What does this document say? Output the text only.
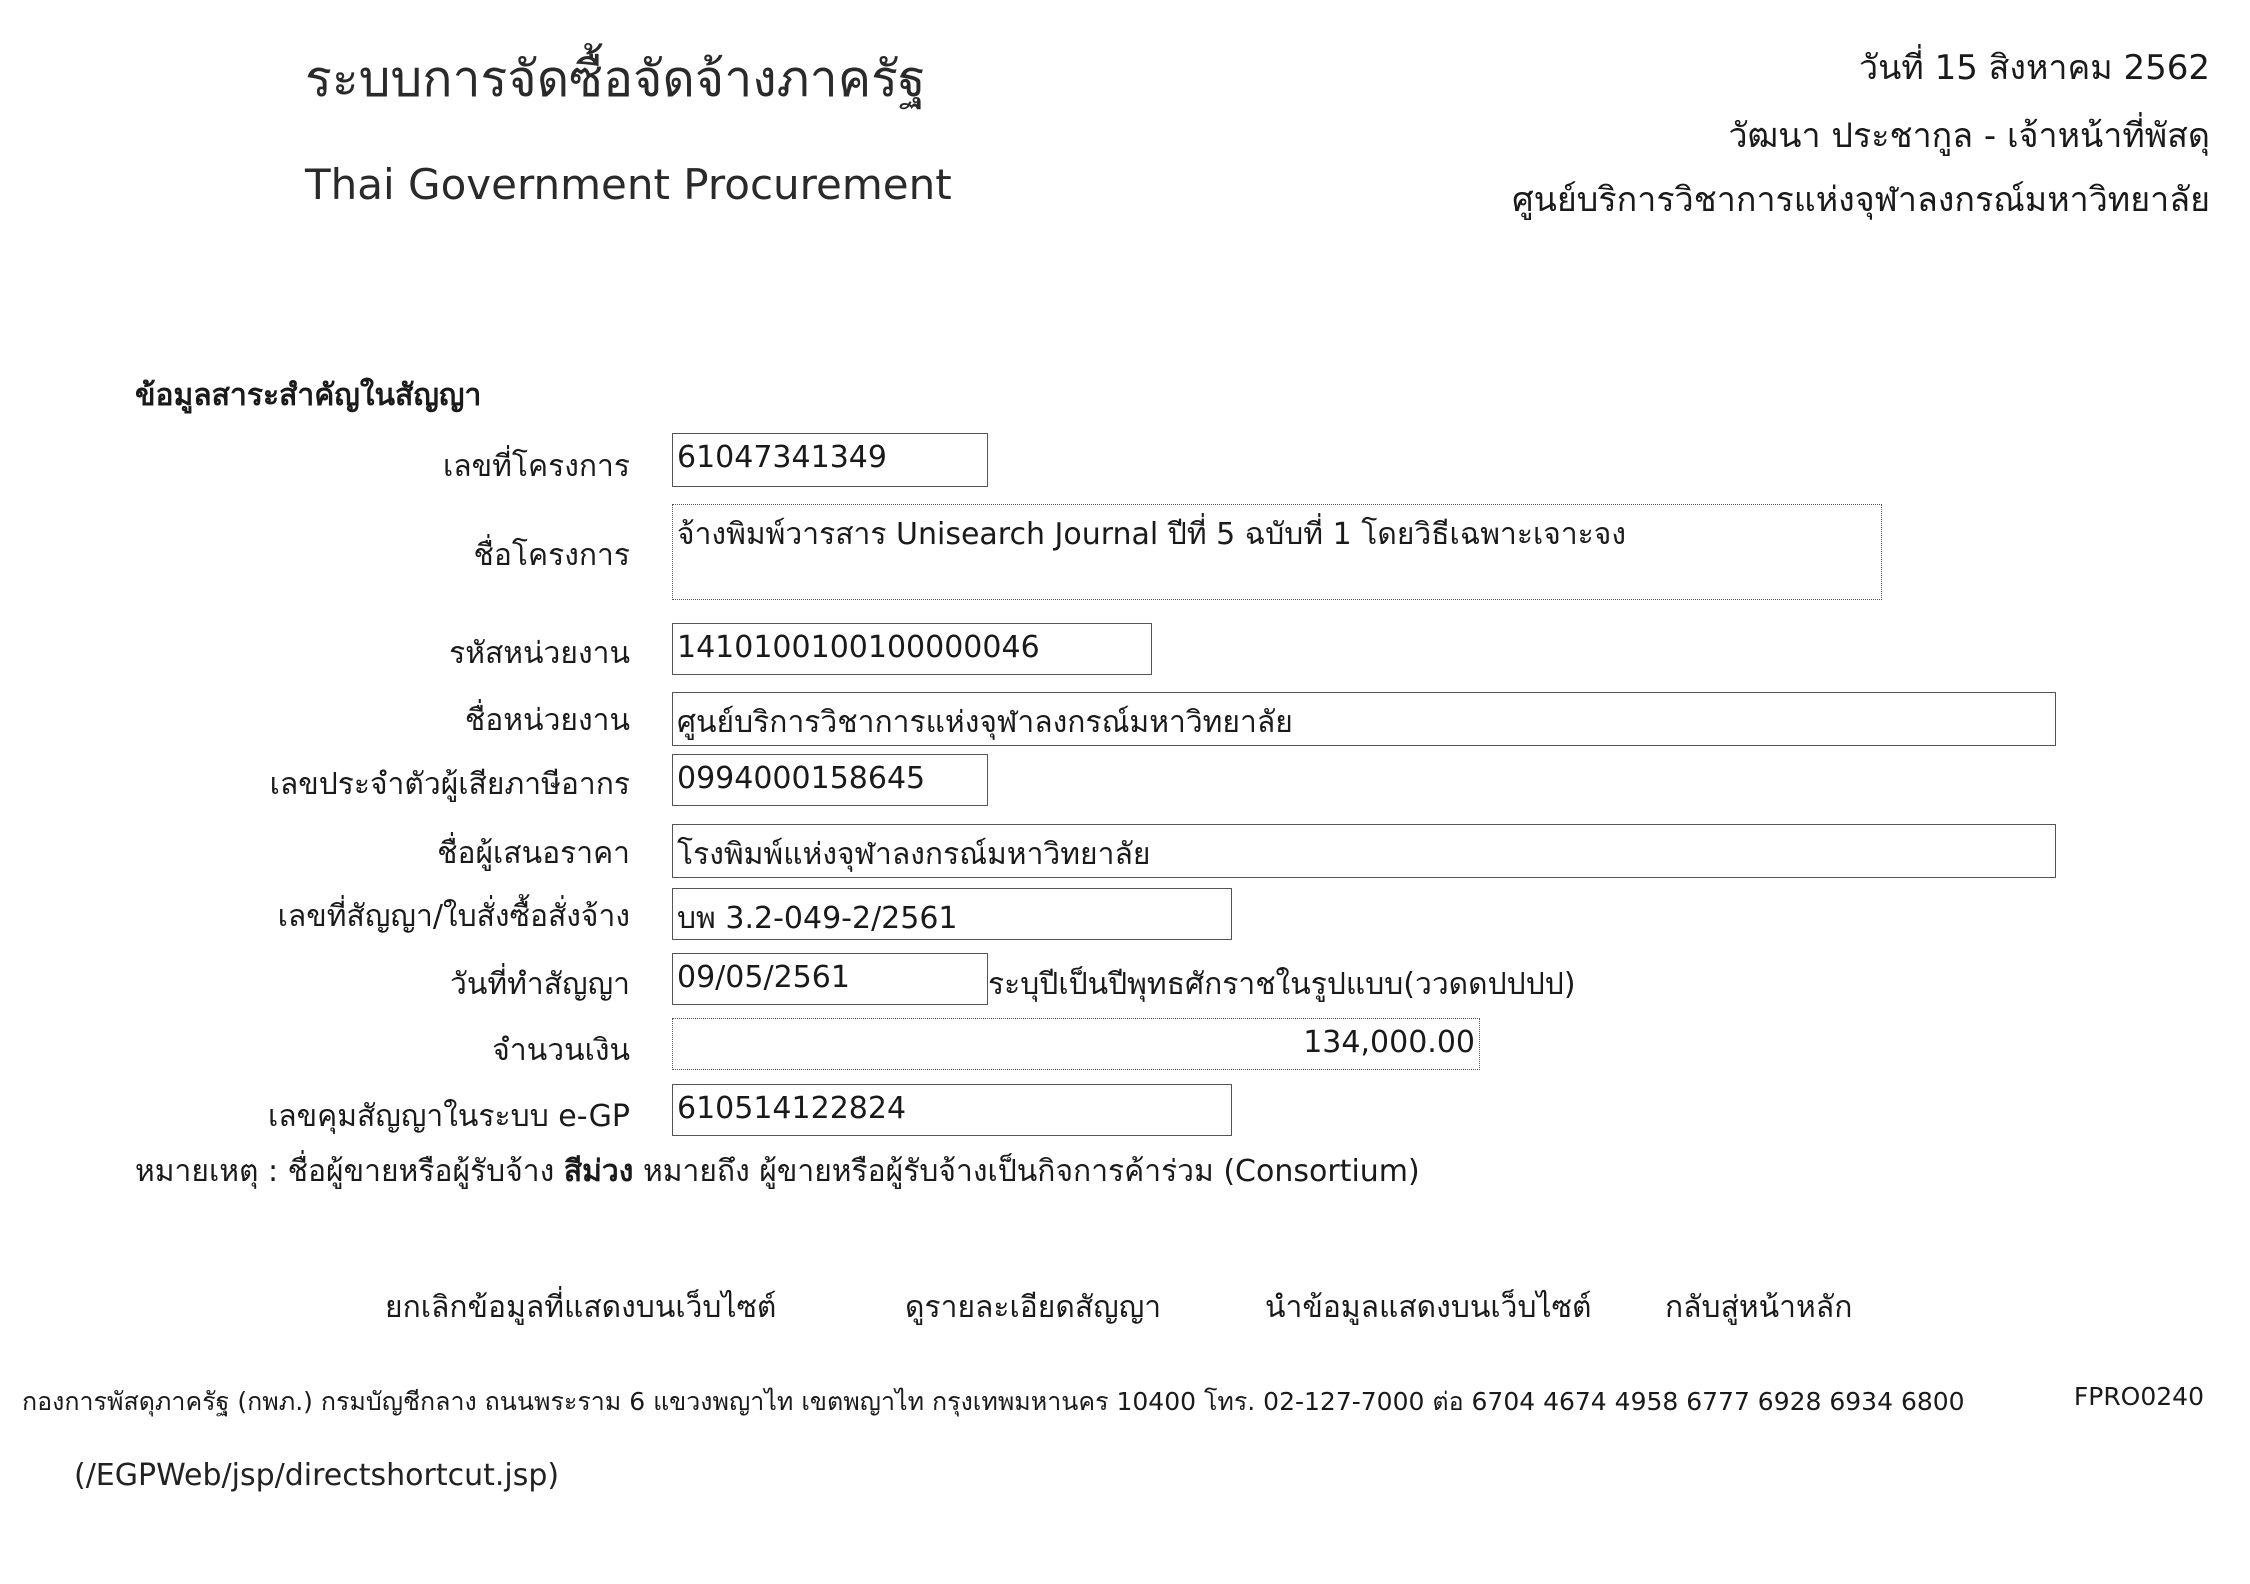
ระบบการจัดซื้อจัดจ้างภาครัฐ
Thai Government Procurement
วันที่ 15 สิงหาคม 2562
วัฒนา ประชากูล - เจ้าหน้าที่พัสดุ
ศูนย์บริการวิชาการแห่งจุฬาลงกรณ์มหาวิทยาลัย
ข้อมูลสาระสำคัญในสัญญา
เลขที่โครงการ 61047341349
ชื่อโครงการ
จ้างพิมพ์วารสาร Unisearch Journal ปีที่ 5 ฉบับที่ 1 โดยวิธีเฉพาะเจาะจง
รหัสหน่วยงาน 1410100100100000046
ชื่อหน่วยงาน ศูนย์บริการวิชาการแห่งจุฬาลงกรณ์มหาวิทยาลัย
เลขประจำตัวผู้เสียภาษีอากร 0994000158645
ชื่อผู้เสนอราคา โรงพิมพ์แห่งจุฬาลงกรณ์มหาวิทยาลัย
เลขที่สัญญา/ใบสั่งซื้อสั่งจ้าง บพ 3.2-049-2/2561
วันที่ทำสัญญา 09/05/2561	ระบุปีเป็นปีพุทธศักราชในรูปแบบ(ววดดปปปป)
จำนวนเงิน	134,000.00
เลขคุมสัญญาในระบบ e-GP 610514122824
หมายเหตุ : ชื่อผู้ขายหรือผู้รับจ้าง สีม่วง หมายถึง ผู้ขายหรือผู้รับจ้างเป็นกิจการค้าร่วม (Consortium)
ยกเลิกข้อมูลที่แสดงบนเว็บไซต์	ดูรายละเอียดสัญญา	นำข้อมูลแสดงบนเว็บไซต์ กลับสู่หน้าหลัก
กองการพัสดุภาครัฐ (กพภ.) กรมบัญชีกลาง ถนนพระราม 6 แขวงพญาไท เขตพญาไท กรุงเทพมหานคร 10400 โทร. 02-127-7000 ต่อ 6704 4674 4958 6777 6928 6934 6800	FPRO0240
(/EGPWeb/jsp/directshortcut.jsp)
